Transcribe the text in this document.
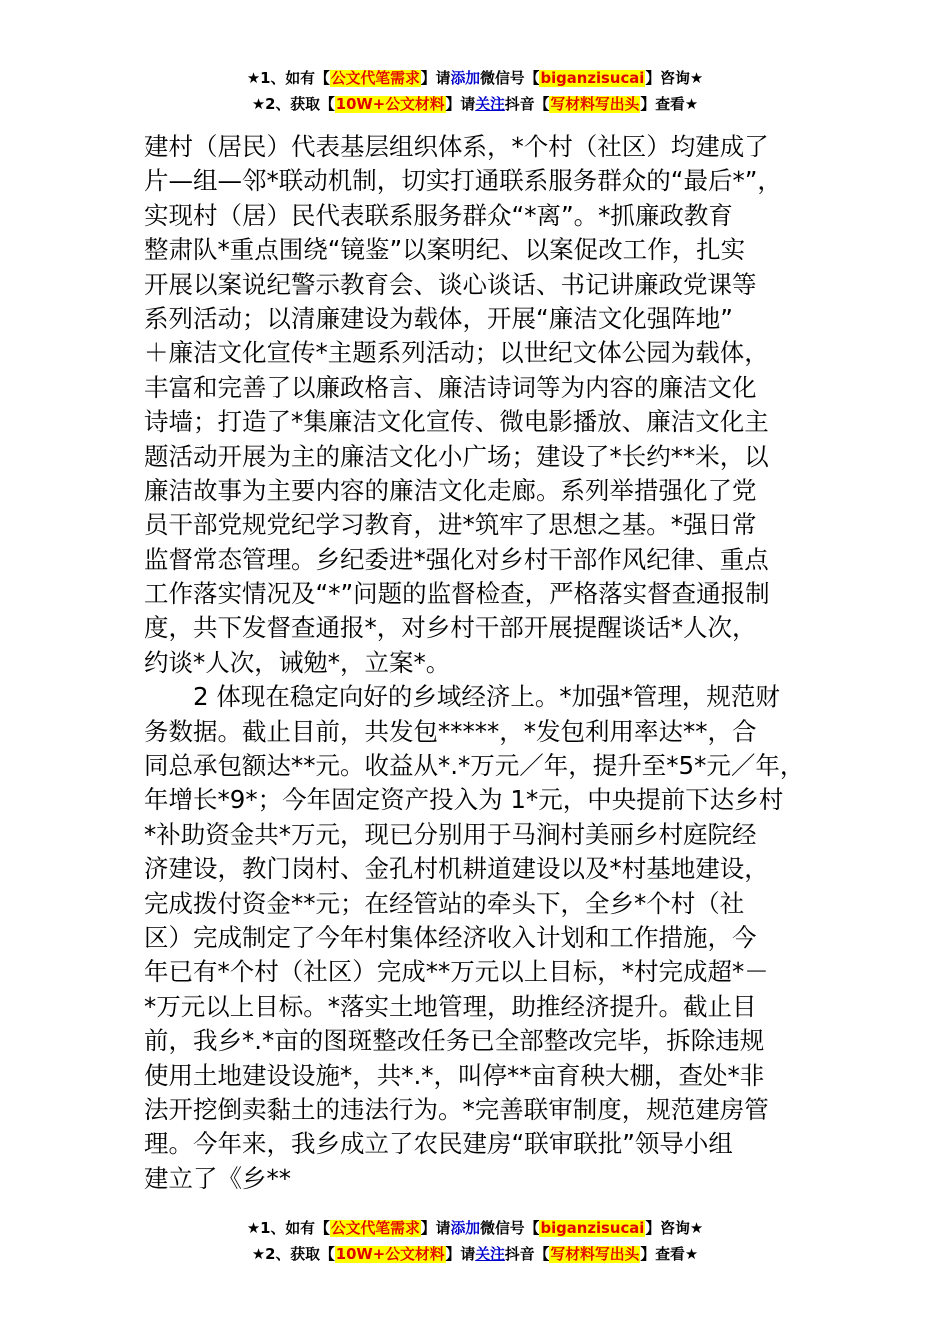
★1、如有【公文代笔需求】请添加微信号【biganzisucai】咨询★
★2、获取【10W+公文材料】请关注抖音【写材料写出头】查看★
建村（居民）代表基层组织体系，*个村（社区）均建成了
片—组—邻*联动机制，切实打通联系服务群众的“最后*”，
实现村（居）民代表联系服务群众“*离”。*抓廉政教育
整肃队*重点围绕“镜鉴”以案明纪、以案促改工作，扎实
开展以案说纪警示教育会、谈心谈话、书记讲廉政党课等
系列活动；以清廉建设为载体，开展“廉洁文化强阵地”
＋廉洁文化宣传*主题系列活动；以世纪文体公园为载体，
丰富和完善了以廉政格言、廉洁诗词等为内容的廉洁文化
诗墙；打造了*集廉洁文化宣传、微电影播放、廉洁文化主
题活动开展为主的廉洁文化小广场；建设了*长约**米，以
廉洁故事为主要内容的廉洁文化走廊。系列举措强化了党
员干部党规党纪学习教育，进*筑牢了思想之基。*强日常
监督常态管理。乡纪委进*强化对乡村干部作风纪律、重点
工作落实情况及“*”问题的监督检查，严格落实督查通报制
度，共下发督查通报*，对乡村干部开展提醒谈话*人次，
约谈*人次，诫勉*，立案*。
　　2 体现在稳定向好的乡域经济上。*加强*管理，规范财
务数据。截止目前，共发包*****，*发包利用率达**，合
同总承包额达**元。收益从*.*万元／年，提升至*5*元／年，
年增长*9*；今年固定资产投入为 1*元，中央提前下达乡村
*补助资金共*万元，现已分别用于马涧村美丽乡村庭院经
济建设，教门岗村、金孔村机耕道建设以及*村基地建设，
完成拨付资金**元；在经管站的牵头下，全乡*个村（社
区）完成制定了今年村集体经济收入计划和工作措施，今
年已有*个村（社区）完成**万元以上目标，*村完成超*－
*万元以上目标。*落实土地管理，助推经济提升。截止目
前，我乡*.*亩的图斑整改任务已全部整改完毕，拆除违规
使用土地建设设施*，共*.*，叫停**亩育秧大棚，查处*非
法开挖倒卖黏土的违法行为。*完善联审制度，规范建房管
理。今年来，我乡成立了农民建房“联审联批”领导小组
建立了《乡**
★1、如有【公文代笔需求】请添加微信号【biganzisucai】咨询★
★2、获取【10W+公文材料】请关注抖音【写材料写出头】查看★
